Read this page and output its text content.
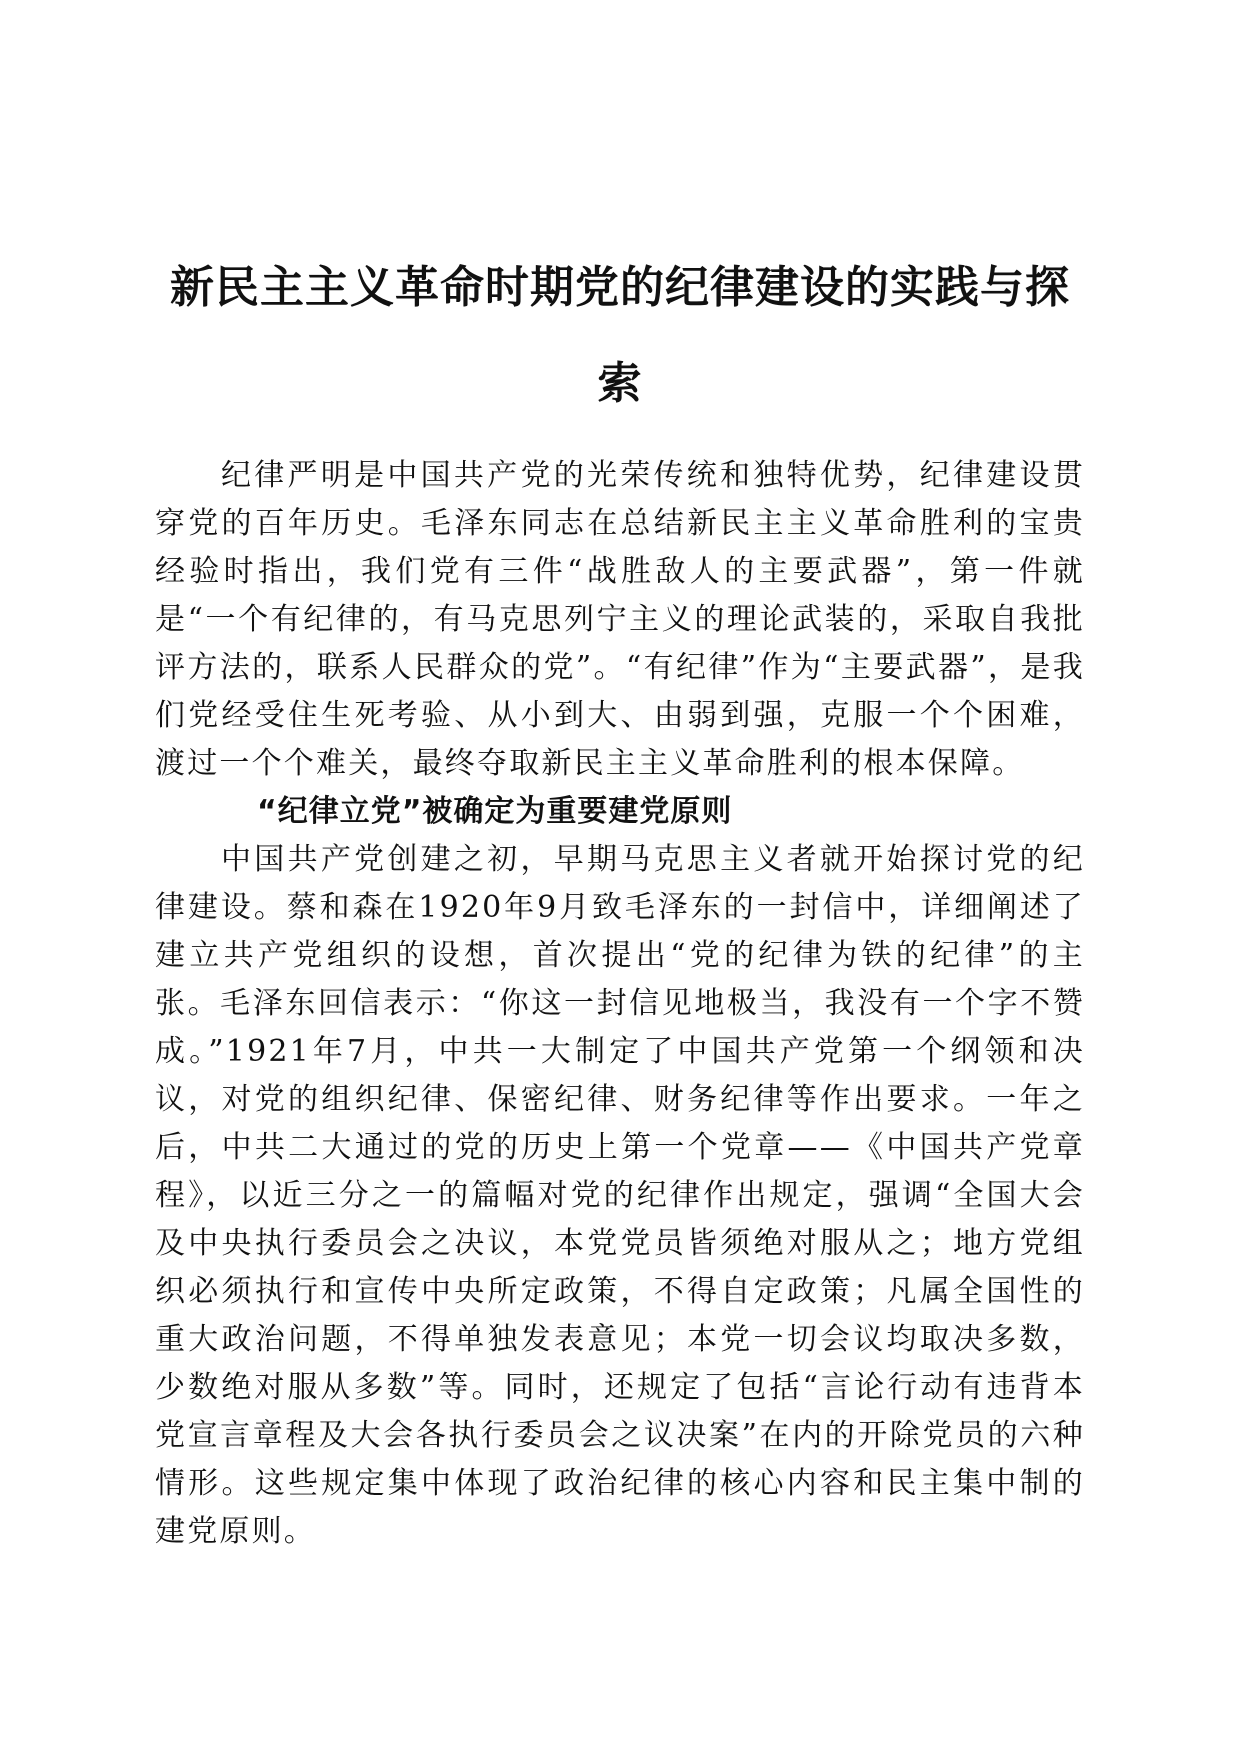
新民主主义革命时期党的纪律建设的实践与探索

纪律严明是中国共产党的光荣传统和独特优势，纪律建设贯穿党的百年历史。毛泽东同志在总结新民主主义革命胜利的宝贵经验时指出，我们党有三件“战胜敌人的主要武器”，第一件就是“一个有纪律的，有马克思列宁主义的理论武装的，采取自我批评方法的，联系人民群众的党”。“有纪律”作为“主要武器”，是我们党经受住生死考验、从小到大、由弱到强，克服一个个困难，渡过一个个难关，最终夺取新民主主义革命胜利的根本保障。

“纪律立党”被确定为重要建党原则

中国共产党创建之初，早期马克思主义者就开始探讨党的纪律建设。蔡和森在1920年9月致毛泽东的一封信中，详细阐述了建立共产党组织的设想，首次提出“党的纪律为铁的纪律”的主张。毛泽东回信表示：“你这一封信见地极当，我没有一个字不赞成。”1921年7月，中共一大制定了中国共产党第一个纲领和决议，对党的组织纪律、保密纪律、财务纪律等作出要求。一年之后，中共二大通过的党的历史上第一个党章——《中国共产党章程》，以近三分之一的篇幅对党的纪律作出规定，强调“全国大会及中央执行委员会之决议，本党党员皆须绝对服从之；地方党组织必须执行和宣传中央所定政策，不得自定政策；凡属全国性的重大政治问题，不得单独发表意见；本党一切会议均取决多数，少数绝对服从多数”等。同时，还规定了包括“言论行动有违背本党宣言章程及大会各执行委员会之议决案”在内的开除党员的六种情形。这些规定集中体现了政治纪律的核心内容和民主集中制的建党原则。
